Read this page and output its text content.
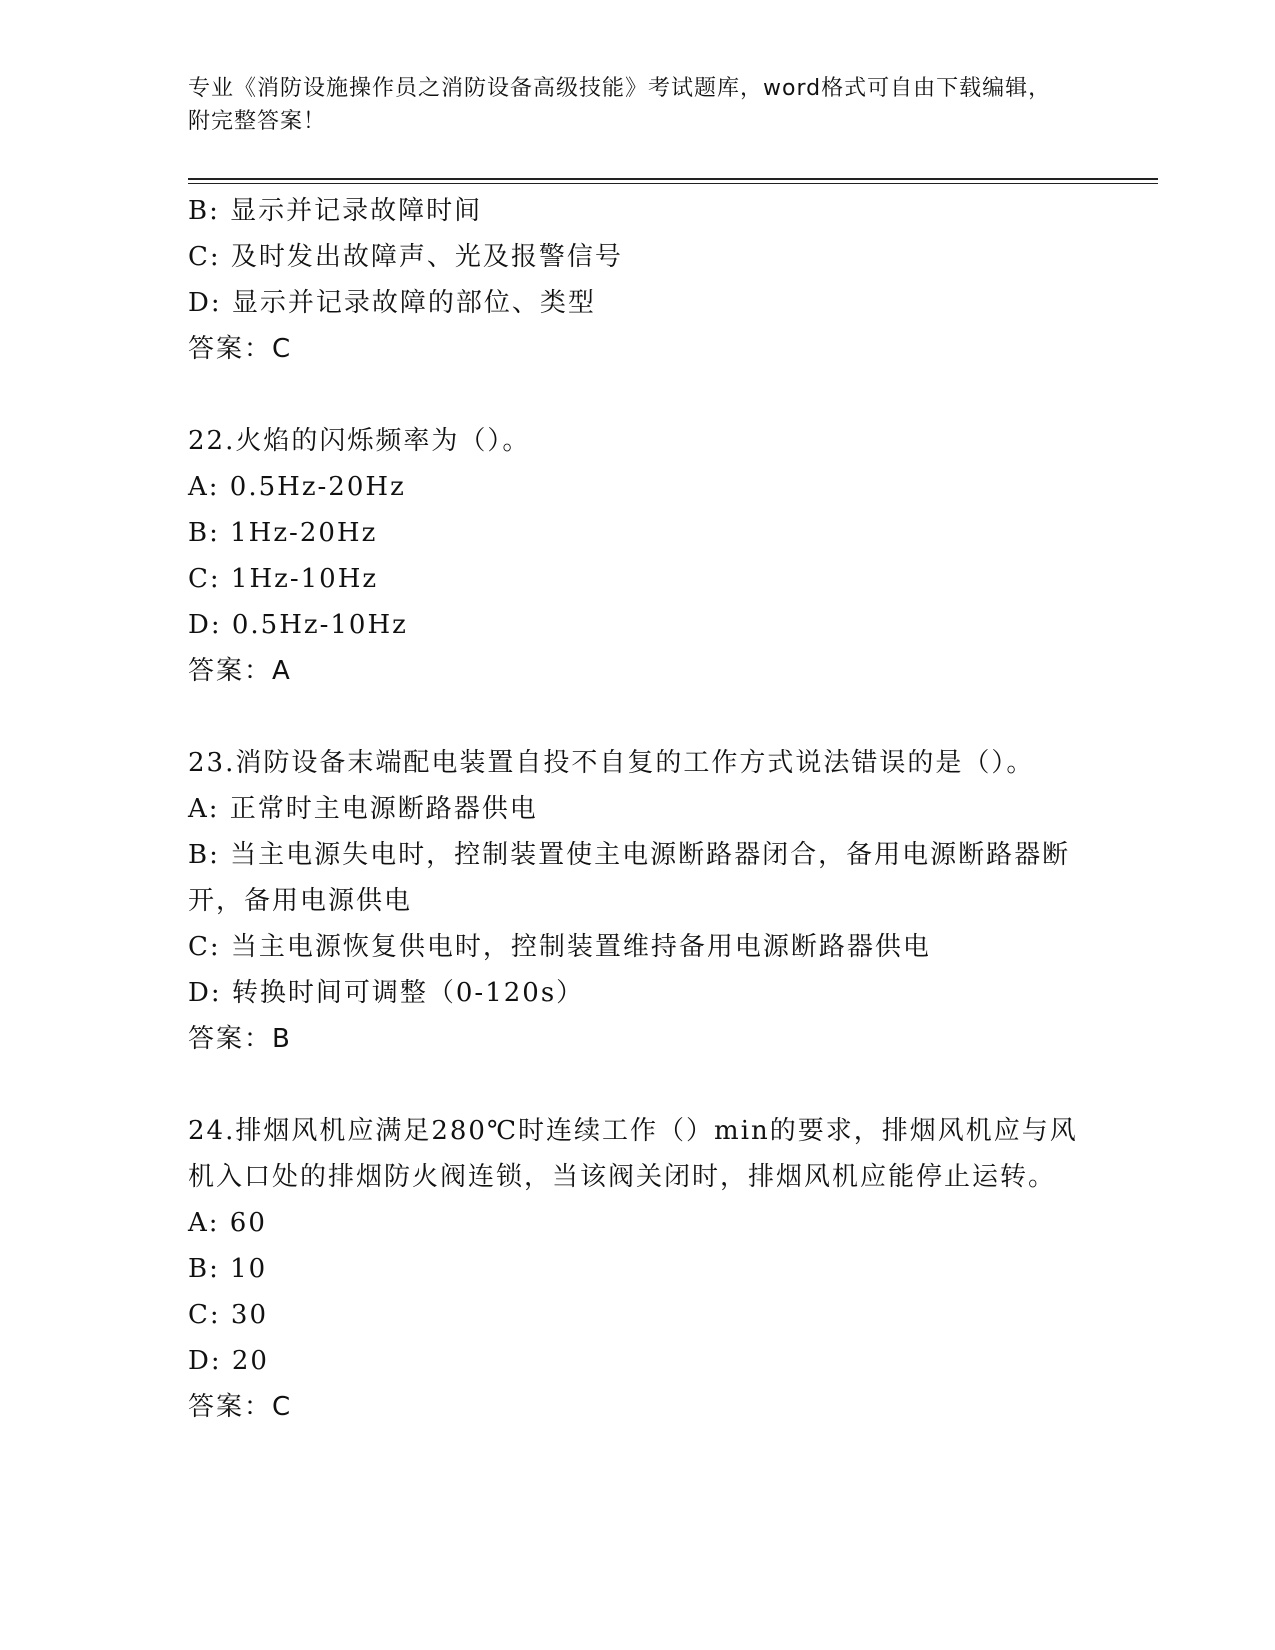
专业《消防设施操作员之消防设备高级技能》考试题库，word格式可自由下载编辑，附完整答案！
B: 显示并记录故障时间
C: 及时发出故障声、光及报警信号
D: 显示并记录故障的部位、类型
答案：C
22.火焰的闪烁频率为（）。
A: 0.5Hz-20Hz
B: 1Hz-20Hz
C: 1Hz-10Hz
D: 0.5Hz-10Hz
答案：A
23.消防设备末端配电装置自投不自复的工作方式说法错误的是（）。
A: 正常时主电源断路器供电
B: 当主电源失电时，控制装置使主电源断路器闭合，备用电源断路器断开，备用电源供电
C: 当主电源恢复供电时，控制装置维持备用电源断路器供电
D: 转换时间可调整（0-120s）
答案：B
24.排烟风机应满足280℃时连续工作（）min的要求，排烟风机应与风机入口处的排烟防火阀连锁，当该阀关闭时，排烟风机应能停止运转。
A: 60
B: 10
C: 30
D: 20
答案：C
